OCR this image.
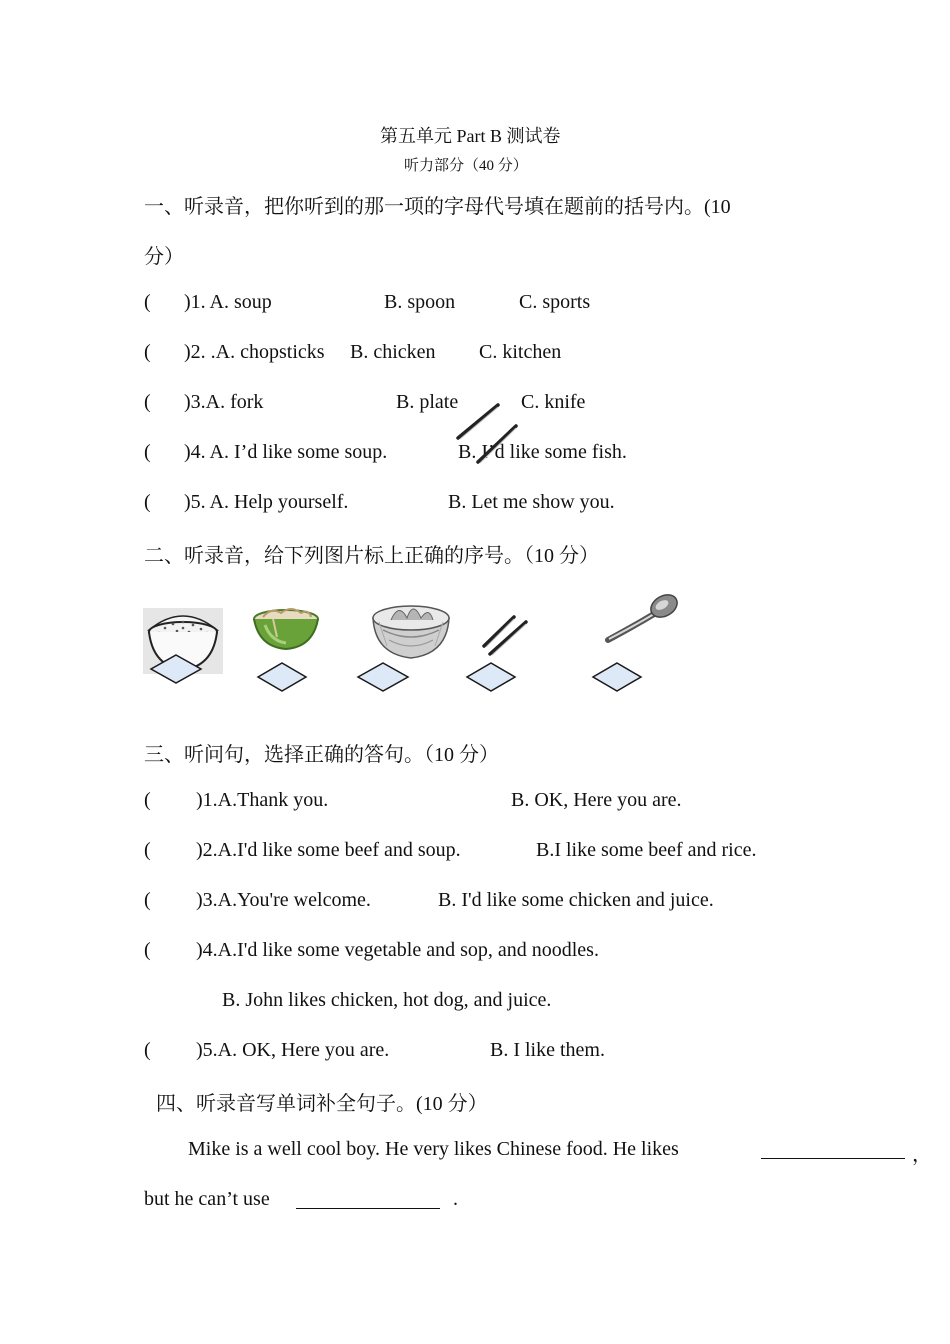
第五单元 Part B 测试卷
听力部分（40 分）
一、听录音，把你听到的那一项的字母代号填在题前的括号内。(10
分）
( )1. A. soup	B. spoon	C. sports
( )2. .A. chopsticks B. chicken C. kitchen
( )3.A. fork	B. plate	C. knife
( )4. A. I’d like some soup.	B. I’d like some fish.
( )5. A. Help yourself.	B. Let me show you.
二、听录音，给下列图片标上正确的序号。（10 分）
三、听问句，选择正确的答句。（10 分）
( )1.A.Thank you.	B. OK, Here you are.
( )2.A.I'd like some beef and soup.	B.I like some beef and rice.
( )3.A.You're welcome.	B. I'd like some chicken and juice.
( )4.A.I'd like some vegetable and sop, and noodles.
B. John likes chicken, hot dog, and juice.
( )5.A. OK, Here you are.	B. I like them.
四、听录音写单词补全句子。(10 分）
Mike is a well cool boy. He very likes Chinese food. He likes	，
but he can’t use	.
